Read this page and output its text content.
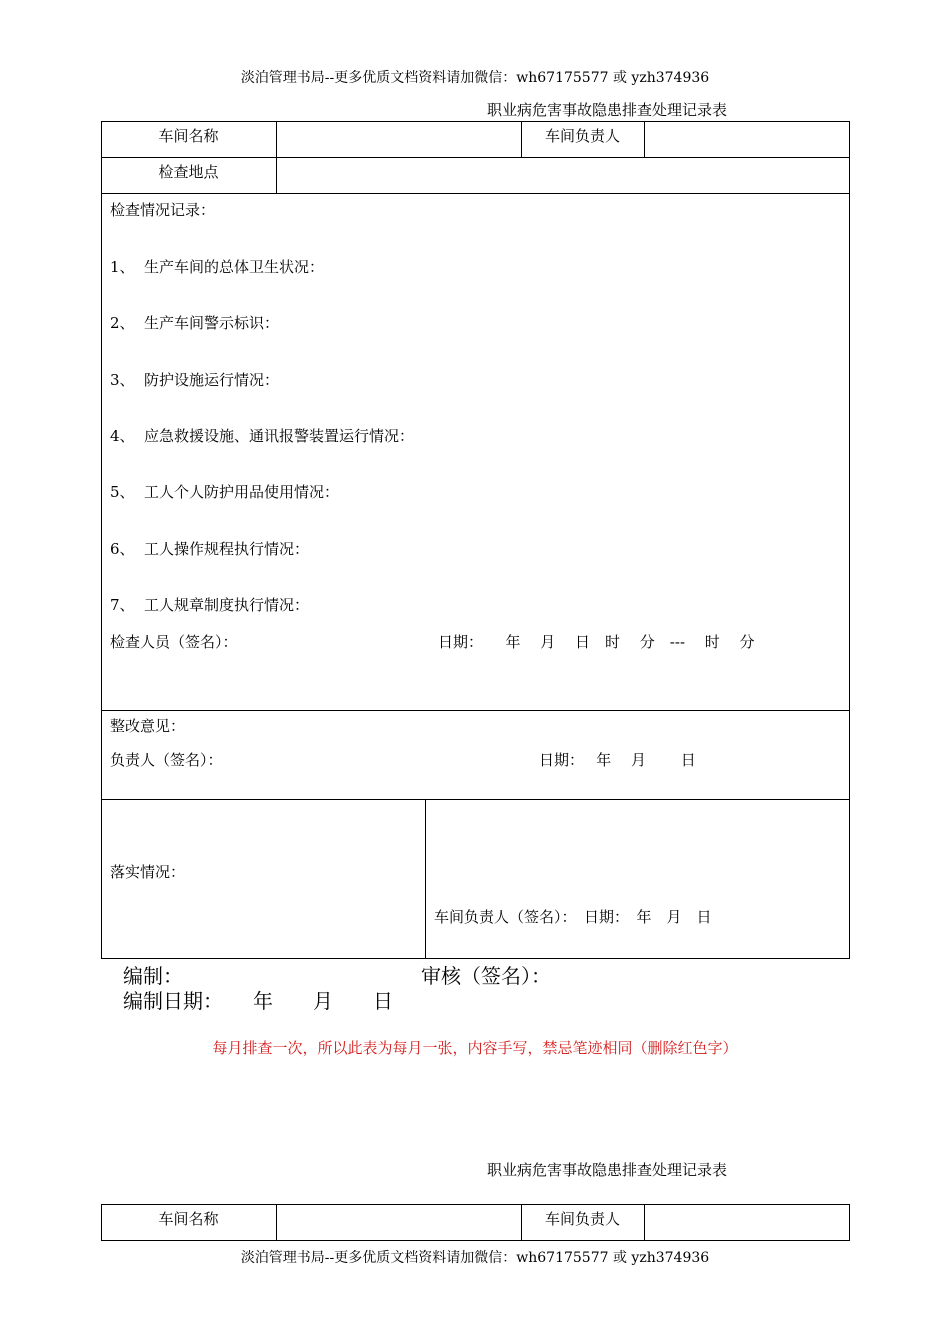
淡泊管理书局--更多优质文档资料请加微信：wh67175577 或 yzh374936
职业病危害事故隐患排查处理记录表
车间名称	车间负责人
检查地点
检查情况记录：
1、 生产车间的总体卫生状况：
2、 生产车间警示标识：
3、 防护设施运行情况：
4、 应急救援设施、通讯报警装置运行情况：
5、 工人个人防护用品使用情况：
6、 工人操作规程执行情况：
7、 工人规章制度执行情况：
检查人员（签名）：	日期：　　年　 月　 日　时　 分　---　 时　 分
整改意见：
负责人（签名）：	日期：　 年　 月　　 日
落实情况：
车间负责人（签名）：　日期：　年　月　日
编制：	审核（签名）：
编制日期：　　年　　月　　日
每月排查一次，所以此表为每月一张，内容手写，禁忌笔迹相同（删除红色字）
职业病危害事故隐患排查处理记录表
车间名称	车间负责人
淡泊管理书局--更多优质文档资料请加微信：wh67175577 或 yzh374936
